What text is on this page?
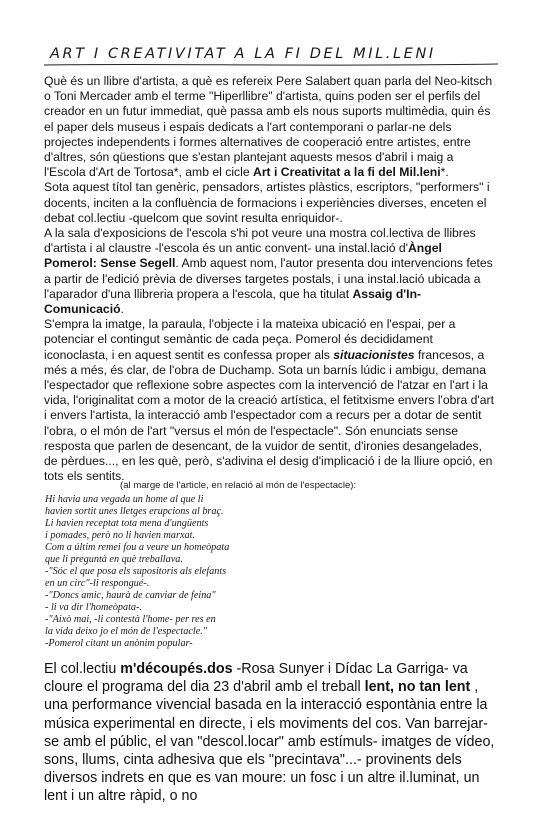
ART I CREATIVITAT A LA FI DEL MIL.LENI

Què és un llibre d'artista, a què es refereix Pere Salabert quan parla del Neo-kitsch o Toni Mercader amb el terme "Hiperllibre" d'artista, quins poden ser el perfils del creador en un futur immediat, què passa amb els nous suports multimèdia, quin és el paper dels museus i espais dedicats a l'art contemporani o parlar-ne dels projectes independents i formes alternatives de cooperació entre artistes, entre d'altres, són qüestions que s'estan plantejant aquests mesos d'abril i maig a l'Escola d'Art de Tortosa*, amb el cicle Art i Creativitat a la fi del Mil.leni*.

Sota aquest títol tan genèric, pensadors, artistes plàstics, escriptors, "performers" i docents, inciten a la confluència de formacions i experiències diverses, enceten el debat col.lectiu -quelcom que sovint resulta enriquidor-.

A la sala d'exposicions de l'escola s'hi pot veure una mostra col.lectiva de llibres d'artista i al claustre -l'escola és un antic convent- una instal.lació d'Àngel Pomerol: Sense Segell. Amb aquest nom, l'autor presenta dou intervencions fetes a partir de l'edició prèvia de diverses targetes postals, i una instal.lació ubicada a l'aparador d'una llibreria propera a l'escola, que ha titulat Assaig d'In-Comunicació.

S'empra la imatge, la paraula, l'objecte i la mateixa ubicació en l'espai, per a potenciar el contingut semàntic de cada peça. Pomerol és decididament iconoclasta, i en aquest sentit es confessa proper als situacionistes francesos, a més a més, és clar, de l'obra de Duchamp. Sota un barnís lúdic i ambigu, demana l'espectador que reflexione sobre aspectes com la intervenció de l'atzar en l'art i la vida, l'originalitat com a motor de la creació artística, el fetitxisme envers l'obra d'art i envers l'artista, la interacció amb l'espectador com a recurs per a dotar de sentit l'obra, o el món de l'art "versus el món de l'espectacle". Són enunciats sense resposta que parlen de desencant, de la vuidor de sentit, d'ironies desangelades, de pèrdues..., en les què, però, s'adivina el desig d'implicació i de la lliure opció, en tots els sentits.

(al marge de l'article, en relació al món de l'espectacle):
Hi havia una vegada un home al que li
havien sortit unes lletges erupcions al braç.
Li havien receptat tota mena d'ungüents
i pomades, però no li havien marxat.
Com a últim remei fou a veure un homeòpata
que li preguntà en què treballava.
-"Sóc el que posa els supositoris als elefants
en un circ"-li respongué-.
-"Doncs amic, haurà de canviar de feina"
- li va dir l'homeòpata-.
-"Això mai, -li contestà l'home- per res en
la vida deixo jo el món de l'espectacle."
-Pomerol citant un anònim popular-

El col.lectiu m'découpés.dos -Rosa Sunyer i Dídac La Garriga- va cloure el programa del dia 23 d'abril amb el treball lent, no tan lent , una performance vivencial basada en la interacció espontània entre la música experimental en directe, i els moviments del cos. Van barrejar-se amb el públic, el van "descol.locar" amb estímuls- imatges de vídeo, sons, llums, cinta adhesiva que els "precintava"...- provinents dels diversos indrets en que es van moure: un fosc i un altre il.luminat, un lent i un altre ràpid, o no
